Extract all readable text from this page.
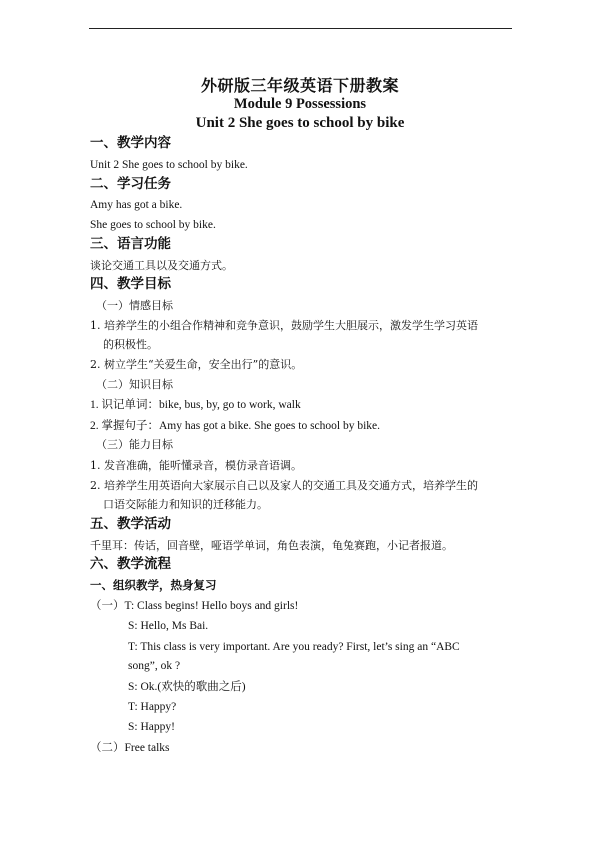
外研版三年级英语下册教案
Module 9 Possessions
Unit 2 She goes to school by bike
一、教学内容
Unit 2 She goes to school by bike.
二、学习任务
Amy has got a bike.
She goes to school by bike.
三、语言功能
谈论交通工具以及交通方式。
四、教学目标
（一）情感目标
1. 培养学生的小组合作精神和竞争意识，鼓励学生大胆展示，激发学生学习英语
的积极性。
2. 树立学生“关爱生命，安全出行”的意识。
（二）知识目标
1. 识记单词：bike, bus, by, go to work, walk
2. 掌握句子：Amy has got a bike. She goes to school by bike.
（三）能力目标
1. 发音准确，能听懂录音，模仿录音语调。
2. 培养学生用英语向大家展示自己以及家人的交通工具及交通方式，培养学生的
口语交际能力和知识的迁移能力。
五、教学活动
千里耳：传话，回音壁，哑语学单词，角色表演，龟兔赛跑，小记者报道。
六、教学流程
一、组织教学，热身复习
（一）T: Class begins! Hello boys and girls!
S: Hello, Ms Bai.
T: This class is very important. Are you ready? First, let’s sing an “ABC
song”, ok ?
S: Ok.(欢快的歌曲之后)
T: Happy?
S: Happy!
（二）Free talks
